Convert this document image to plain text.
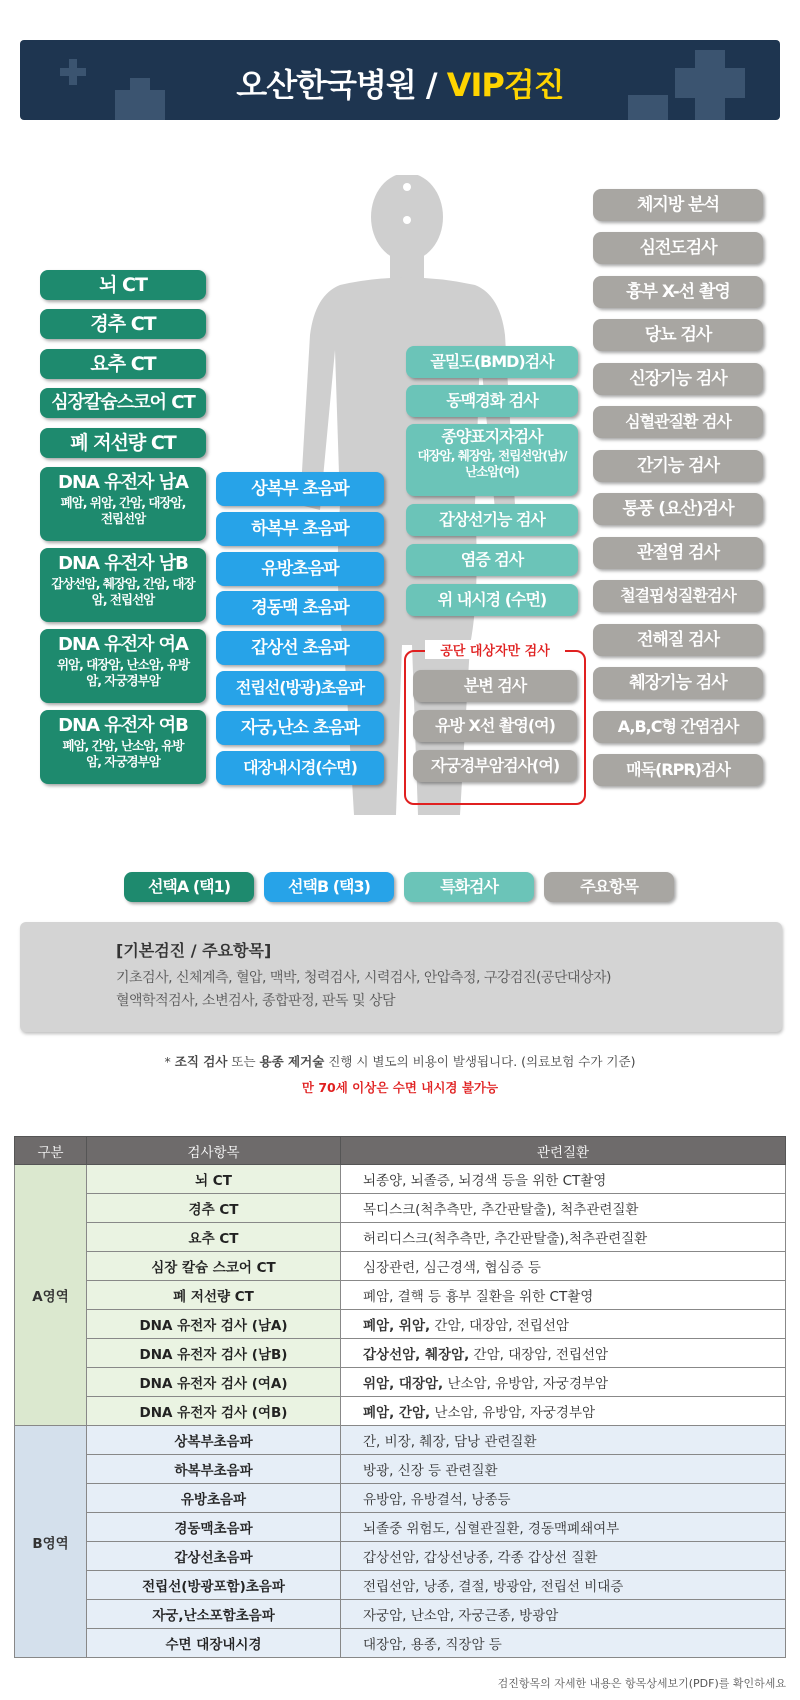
오산한국병원 / VIP검진
뇌 CT
경추 CT
요추 CT
심장칼슘스코어 CT
폐 저선량 CT
DNA 유전자 남A
폐암, 위암, 간암, 대장암, 전립선암
DNA 유전자 남B
갑상선암, 췌장암, 간암, 대장암, 전립선암
DNA 유전자 여A
위암, 대장암, 난소암, 유방암, 자궁경부암
DNA 유전자 여B
폐암, 간암, 난소암, 유방암, 자궁경부암
상복부 초음파
하복부 초음파
유방초음파
경동맥 초음파
갑상선 초음파
전립선(방광)초음파
자궁,난소 초음파
대장내시경(수면)
골밀도(BMD)검사
동맥경화 검사
종양표지자검사
대장암, 췌장암, 전립선암(남)/난소암(여)
갑상선기능 검사
염증 검사
위 내시경 (수면)
공단 대상자만 검사
분변 검사
유방 X선 촬영(여)
자궁경부암검사(여)
체지방 분석
심전도검사
흉부 X-선 촬영
당뇨 검사
신장기능 검사
심혈관질환 검사
간기능 검사
통풍 (요산)검사
관절염 검사
철결핍성질환검사
전해질 검사
췌장기능 검사
A,B,C형 간염검사
매독(RPR)검사
선택A (택1)	선택B (택3)	특화검사	주요항목
[기본검진 / 주요항목]
기초검사, 신체계측, 혈압, 맥박, 청력검사, 시력검사, 안압측정, 구강검진(공단대상자)
혈액학적검사, 소변검사, 종합판정, 판독 및 상담
* 조직 검사 또는 용종 제거술 진행 시 별도의 비용이 발생됩니다. (의료보험 수가 기준)
만 70세 이상은 수면 내시경 불가능
구분	검사항목	관련질환
A영역	뇌 CT	뇌종양, 뇌졸증, 뇌경색 등을 위한 CT촬영
	경추 CT	목디스크(척추측만, 추간판탈출), 척추관련질환
	요추 CT	허리디스크(척추측만, 추간판탈출),척추관련질환
	심장 칼슘 스코어 CT	심장관련, 심근경색, 협심증 등
	폐 저선량 CT	폐암, 결핵 등 흉부 질환을 위한 CT촬영
	DNA 유전자 검사 (남A)	폐암, 위암, 간암, 대장암, 전립선암
	DNA 유전자 검사 (남B)	갑상선암, 췌장암, 간암, 대장암, 전립선암
	DNA 유전자 검사 (여A)	위암, 대장암, 난소암, 유방암, 자궁경부암
	DNA 유전자 검사 (여B)	폐암, 간암, 난소암, 유방암, 자궁경부암
B영역	상복부초음파	간, 비장, 췌장, 담낭 관련질환
	하복부초음파	방광, 신장 등 관련질환
	유방초음파	유방암, 유방결석, 낭종등
	경동맥초음파	뇌졸중 위험도, 심혈관질환, 경동맥폐쇄여부
	갑상선초음파	갑상선암, 갑상선낭종, 각종 갑상선 질환
	전립선(방광포함)초음파	전립선암, 낭종, 결절, 방광암, 전립선 비대증
	자궁,난소포함초음파	자궁암, 난소암, 자궁근종, 방광암
	수면 대장내시경	대장암, 용종, 직장암 등
검진항목의 자세한 내용은 항목상세보기(PDF)를 확인하세요
